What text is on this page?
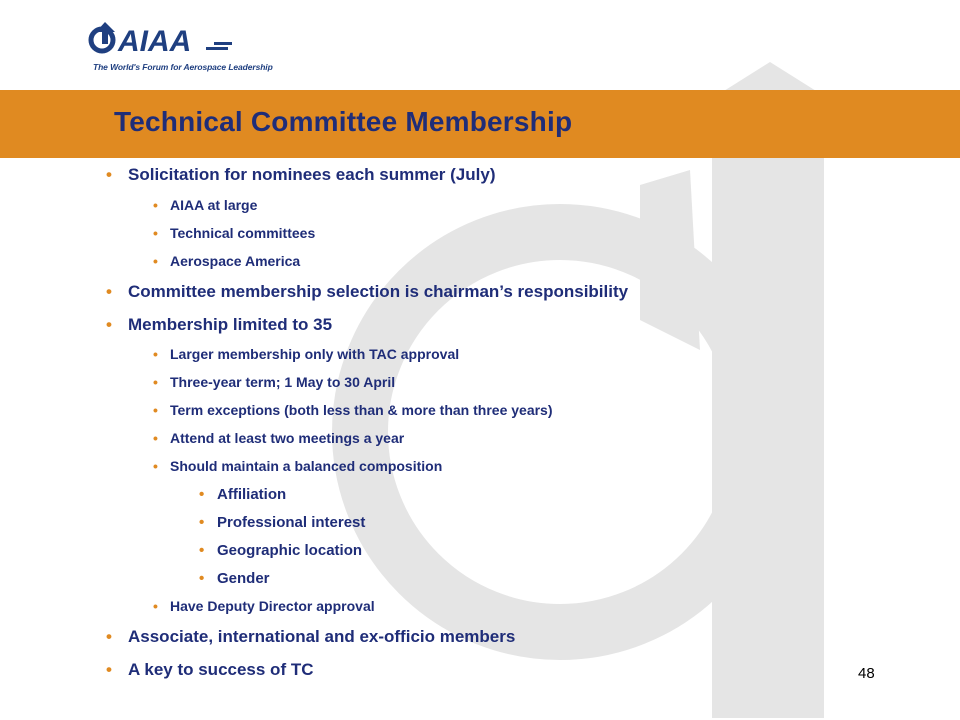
AIAA
The World's Forum for Aerospace Leadership
Technical Committee Membership
• Solicitation for nominees each summer (July)
• AIAA at large
• Technical committees
• Aerospace America
• Committee membership selection is chairman’s responsibility
• Membership limited to 35
• Larger membership only with TAC approval
• Three-year term; 1 May to 30 April
• Term exceptions (both less than & more than three years)
• Attend at least two meetings a year
• Should maintain a balanced composition
• Affiliation
• Professional interest
• Geographic location
• Gender
• Have Deputy Director approval
• Associate, international and ex-officio members
• A key to success of TC	48
